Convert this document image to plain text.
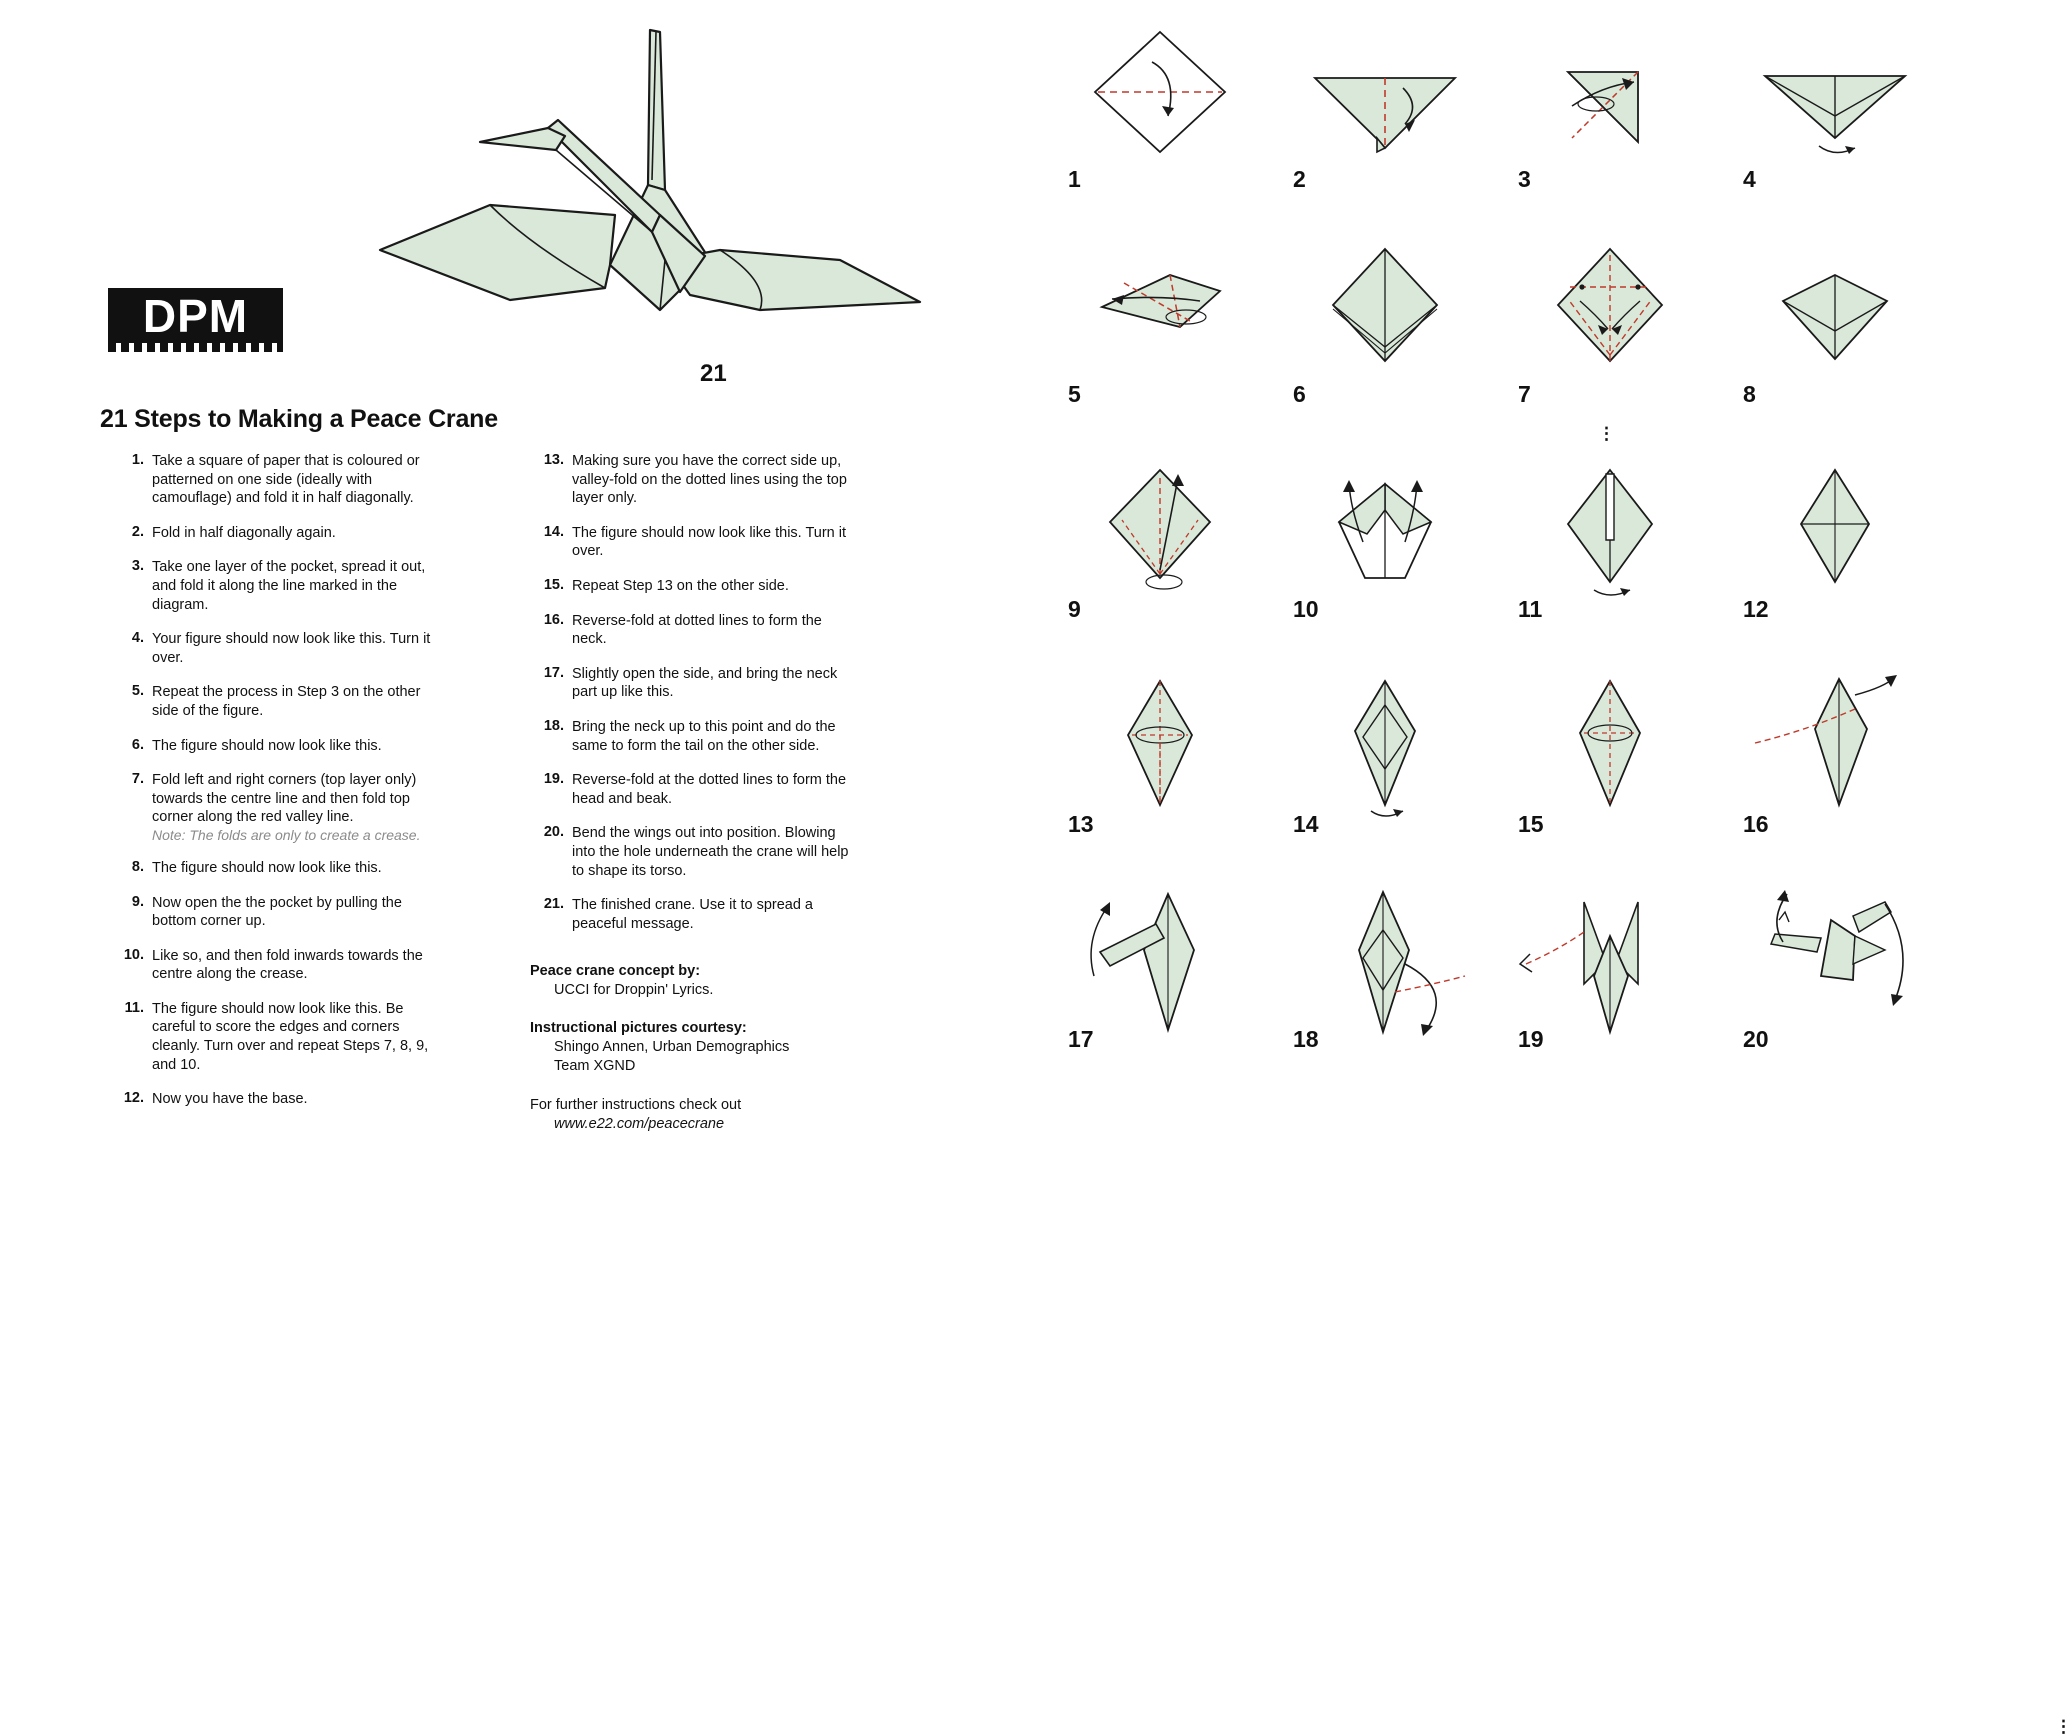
DPM
21 Steps to Making a Peace Crane
21
1. Take a square of paper that is coloured or patterned on one side (ideally with camouflage) and fold it in half diagonally.
2. Fold in half diagonally again.
3. Take one layer of the pocket, spread it out, and fold it along the line marked in the diagram.
4. Your figure should now look like this. Turn it over.
5. Repeat the process in Step 3 on the other side of the figure.
6. The figure should now look like this.
7. Fold left and right corners (top layer only) towards the centre line and then fold top corner along the red valley line.
Note: The folds are only to create a crease.
8. The figure should now look like this.
9. Now open the the pocket by pulling the bottom corner up.
10. Like so, and then fold inwards towards the centre along the crease.
11. The figure should now look like this. Be careful to score the edges and corners cleanly. Turn over and repeat Steps 7, 8, 9, and 10.
12. Now you have the base.
13. Making sure you have the correct side up, valley-fold on the dotted lines using the top layer only.
14. The figure should now look like this. Turn it over.
15. Repeat Step 13 on the other side.
16. Reverse-fold at dotted lines to form the neck.
17. Slightly open the side, and bring the neck part up like this.
18. Bring the neck up to this point and do the same to form the tail on the other side.
19. Reverse-fold at the dotted lines to form the head and beak.
20. Bend the wings out into position. Blowing into the hole underneath the crane will help to shape its torso.
21. The finished crane. Use it to spread a peaceful message.
Peace crane concept by:

UCCI for Droppin' Lyrics.

Instructional pictures courtesy:

Shingo Annen, Urban Demographics
Team XGND

For further instructions check out

www.e22.com/peacecrane

1	2	3	4
5
⋮
6	7	8
9	10	11	12
13	14	15	16
17	18
⋮
19	20
